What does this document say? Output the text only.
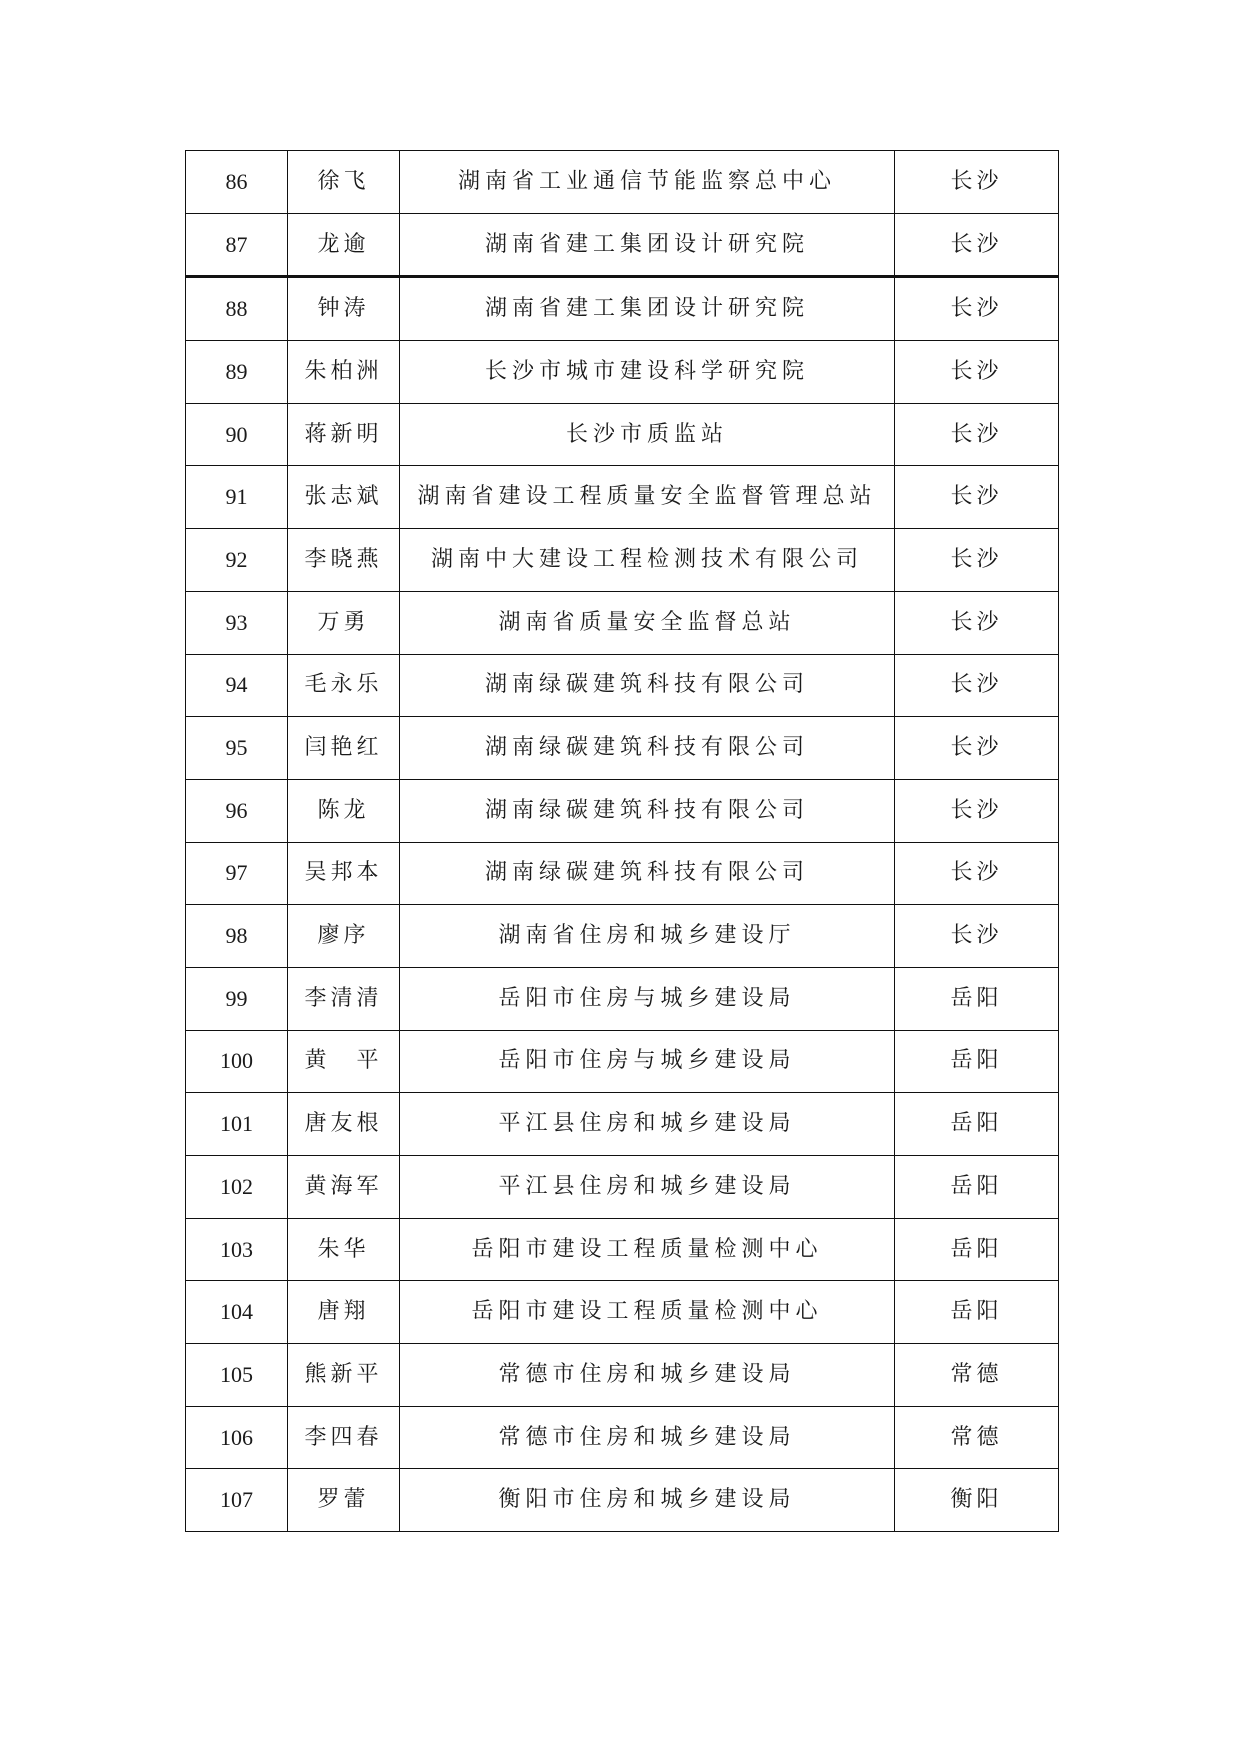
86	徐飞	湖南省工业通信节能监察总中心	长沙
87	龙逾	湖南省建工集团设计研究院	长沙
88	钟涛	湖南省建工集团设计研究院	长沙
89	朱柏洲	长沙市城市建设科学研究院	长沙
90	蒋新明	长沙市质监站	长沙
91	张志斌	湖南省建设工程质量安全监督管理总站	长沙
92	李晓燕	湖南中大建设工程检测技术有限公司	长沙
93	万勇	湖南省质量安全监督总站	长沙
94	毛永乐	湖南绿碳建筑科技有限公司	长沙
95	闫艳红	湖南绿碳建筑科技有限公司	长沙
96	陈龙	湖南绿碳建筑科技有限公司	长沙
97	吴邦本	湖南绿碳建筑科技有限公司	长沙
98	廖序	湖南省住房和城乡建设厅	长沙
99	李清清	岳阳市住房与城乡建设局	岳阳
100	黄　平	岳阳市住房与城乡建设局	岳阳
101	唐友根	平江县住房和城乡建设局	岳阳
102	黄海军	平江县住房和城乡建设局	岳阳
103	朱华	岳阳市建设工程质量检测中心	岳阳
104	唐翔	岳阳市建设工程质量检测中心	岳阳
105	熊新平	常德市住房和城乡建设局	常德
106	李四春	常德市住房和城乡建设局	常德
107	罗蕾	衡阳市住房和城乡建设局	衡阳
